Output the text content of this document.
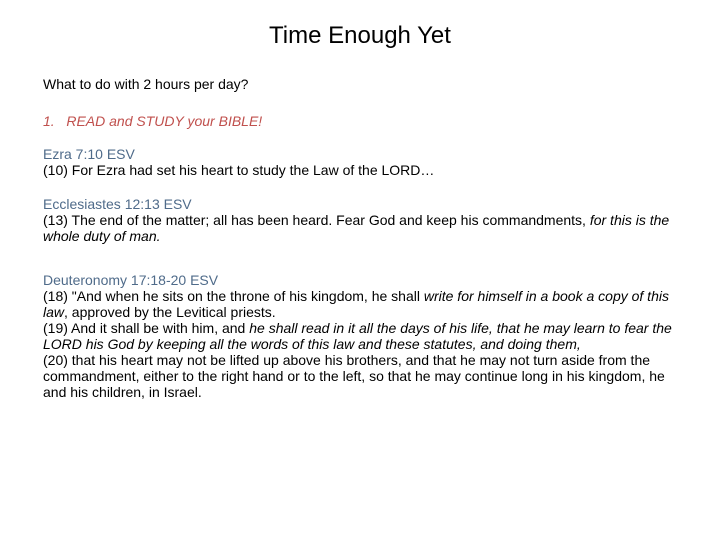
Time Enough Yet
What to do with 2 hours per day?
1. READ and STUDY your BIBLE!
Ezra 7:10 ESV
(10) For Ezra had set his heart to study the Law of the LORD…
Ecclesiastes 12:13 ESV
(13) The end of the matter; all has been heard. Fear God and keep his commandments, for this is the whole duty of man.
Deuteronomy 17:18-20 ESV
(18) "And when he sits on the throne of his kingdom, he shall write for himself in a book a copy of this law, approved by the Levitical priests.
(19) And it shall be with him, and he shall read in it all the days of his life, that he may learn to fear the LORD his God by keeping all the words of this law and these statutes, and doing them,
(20) that his heart may not be lifted up above his brothers, and that he may not turn aside from the commandment, either to the right hand or to the left, so that he may continue long in his kingdom, he and his children, in Israel.
